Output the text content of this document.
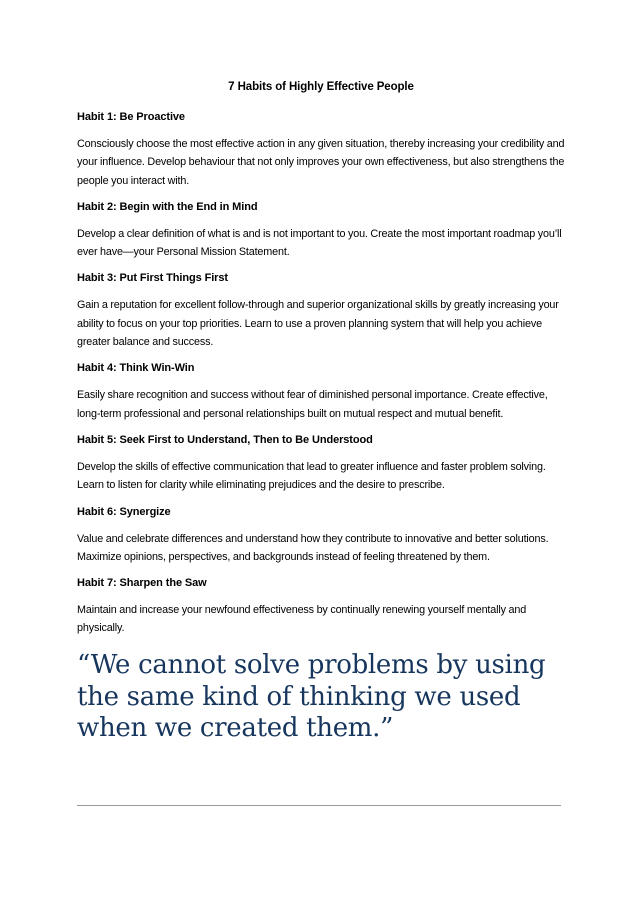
7 Habits of Highly Effective People
Habit 1: Be Proactive
Consciously choose the most effective action in any given situation, thereby increasing your credibility and your influence. Develop behaviour that not only improves your own effectiveness, but also strengthens the people you interact with.
Habit 2: Begin with the End in Mind
Develop a clear definition of what is and is not important to you. Create the most important roadmap you’ll ever have—your Personal Mission Statement.
Habit 3: Put First Things First
Gain a reputation for excellent follow-through and superior organizational skills by greatly increasing your ability to focus on your top priorities. Learn to use a proven planning system that will help you achieve greater balance and success.
Habit 4: Think Win-Win
Easily share recognition and success without fear of diminished personal importance. Create effective, long-term professional and personal relationships built on mutual respect and mutual benefit.
Habit 5: Seek First to Understand, Then to Be Understood
Develop the skills of effective communication that lead to greater influence and faster problem solving. Learn to listen for clarity while eliminating prejudices and the desire to prescribe.
Habit 6: Synergize
Value and celebrate differences and understand how they contribute to innovative and better solutions. Maximize opinions, perspectives, and backgrounds instead of feeling threatened by them.
Habit 7: Sharpen the Saw
Maintain and increase your newfound effectiveness by continually renewing yourself mentally and physically.

“We cannot solve problems by using the same kind of thinking we used when we created them.”
